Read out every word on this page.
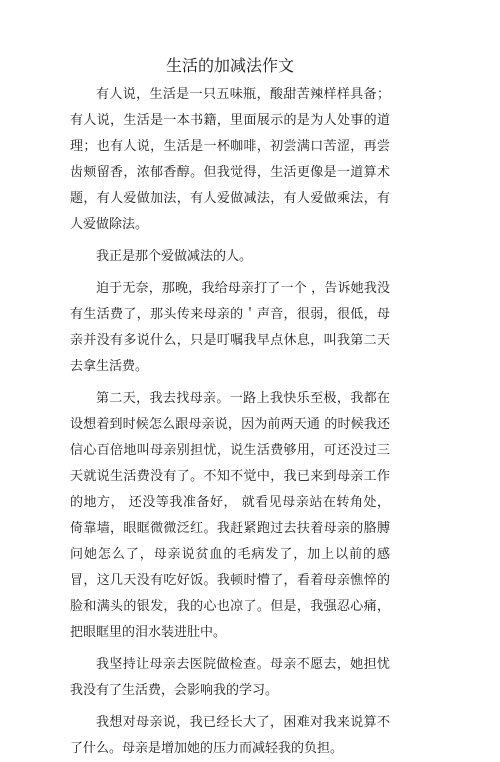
生活的加减法作文

有人说，生活是一只五味瓶，酸甜苦辣样样具备；有人说，生活是一本书籍，里面展示的是为人处事的道理；也有人说，生活是一杯咖啡，初尝满口苦涩，再尝齿颊留香，浓郁香醇。但我觉得，生活更像是一道算术题，有人爱做加法，有人爱做减法，有人爱做乘法，有人爱做除法。

我正是那个爱做减法的人。

迫于无奈，那晚，我给母亲打了一个 ，告诉她我没有生活费了，那头传来母亲的＇声音，很弱，很低，母亲并没有多说什么，只是叮嘱我早点休息，叫我第二天去拿生活费。

第二天，我去找母亲。一路上我快乐至极，我都在设想着到时候怎么跟母亲说，因为前两天通 的时候我还信心百倍地叫母亲别担忧，说生活费够用，可还没过三天就说生活费没有了。不知不觉中，我已来到母亲工作的地方， 还没等我准备好， 就看见母亲站在转角处，倚靠墙，眼眶微微泛红。我赶紧跑过去扶着母亲的胳膊问她怎么了，母亲说贫血的毛病发了，加上以前的感冒，这几天没有吃好饭。我顿时懵了，看着母亲憔悴的脸和满头的银发，我的心也凉了。但是，我强忍心痛，把眼眶里的泪水装进肚中。

我坚持让母亲去医院做检查。母亲不愿去，她担忧我没有了生活费，会影响我的学习。

我想对母亲说，我已经长大了，困难对我来说算不了什么。母亲是增加她的压力而减轻我的负担。
